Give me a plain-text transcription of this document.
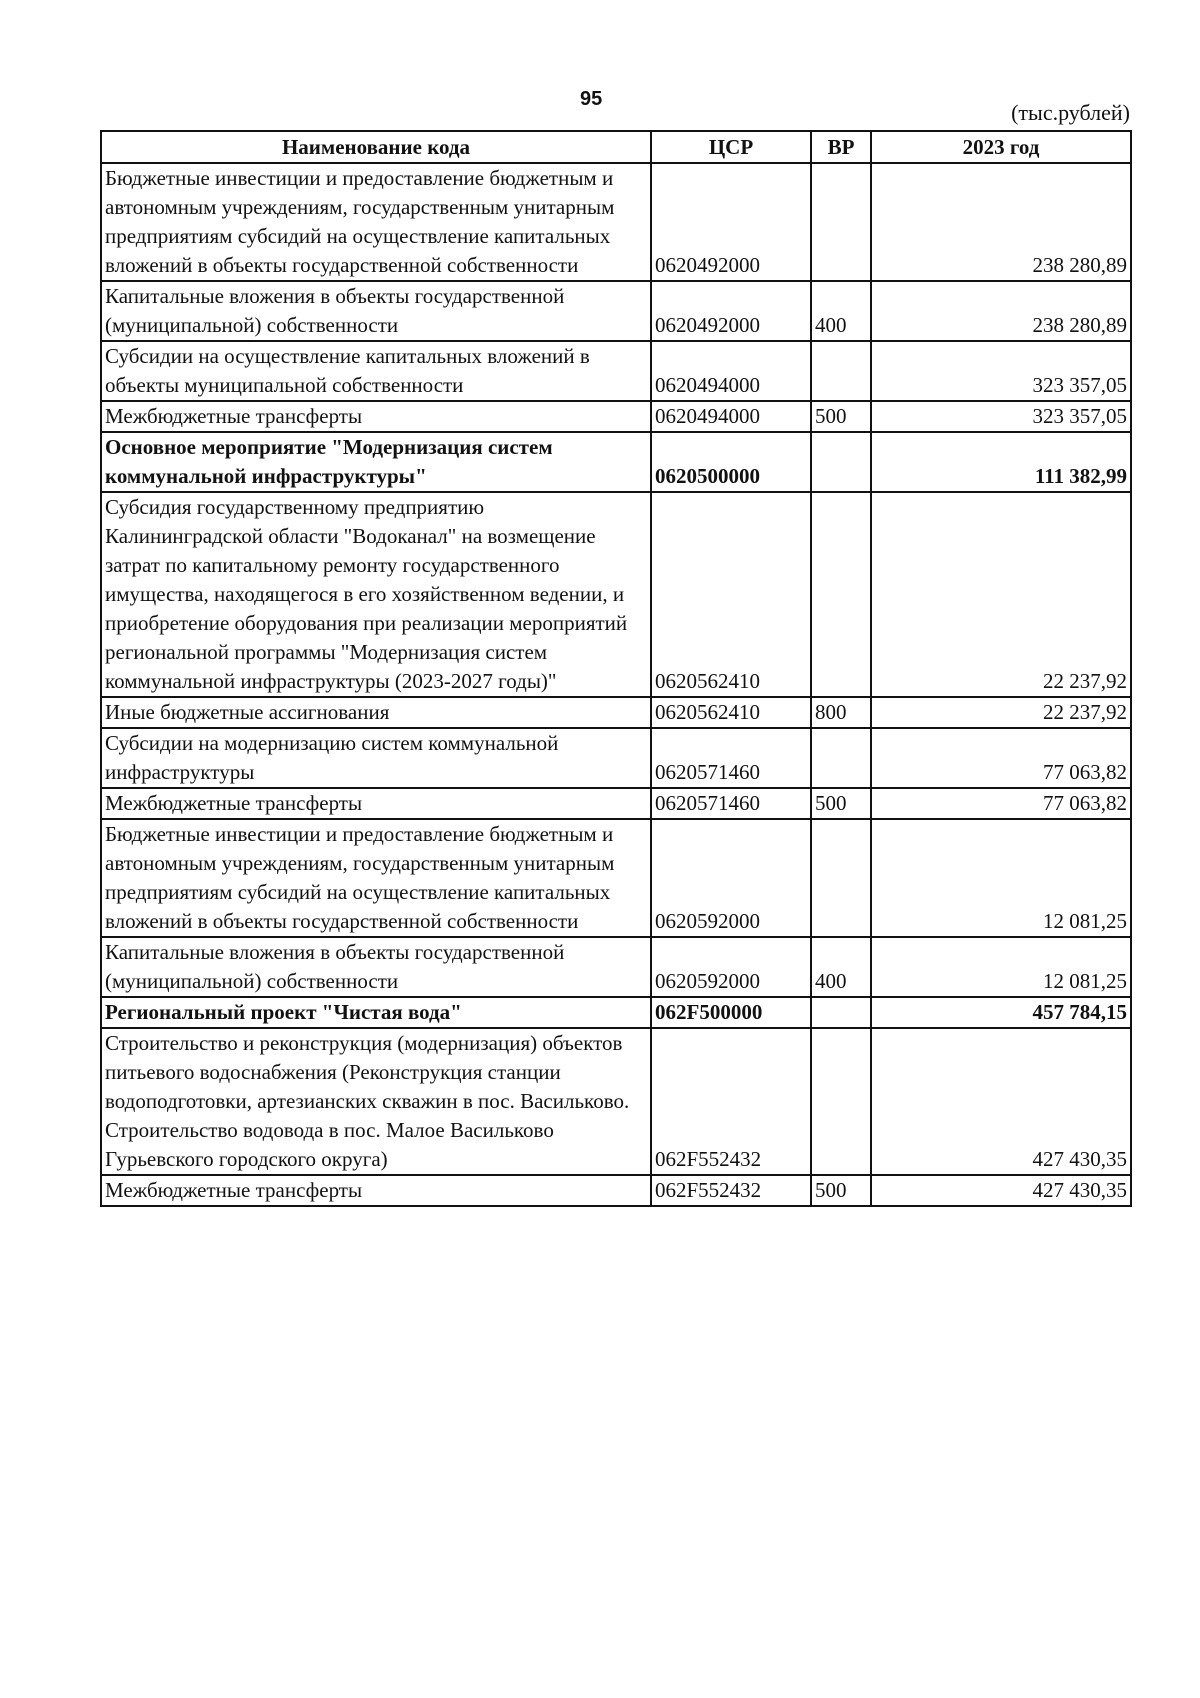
95
(тыс.рублей)
Наименование кода	ЦСР	ВР	2023 год
Бюджетные инвестиции и предоставление бюджетным и автономным учреждениям, государственным унитарным предприятиям субсидий на осуществление капитальных вложений в объекты государственной собственности	0620492000		238 280,89
Капитальные вложения в объекты государственной (муниципальной) собственности	0620492000	400	238 280,89
Субсидии на осуществление капитальных вложений в объекты муниципальной собственности	0620494000		323 357,05
Межбюджетные трансферты	0620494000	500	323 357,05
Основное мероприятие "Модернизация систем коммунальной инфраструктуры"	0620500000		111 382,99
Субсидия государственному предприятию Калининградской области "Водоканал" на возмещение затрат по капитальному ремонту государственного имущества, находящегося в его хозяйственном ведении, и приобретение оборудования при реализации мероприятий региональной программы "Модернизация систем коммунальной инфраструктуры (2023-2027 годы)"	0620562410		22 237,92
Иные бюджетные ассигнования	0620562410	800	22 237,92
Субсидии на модернизацию систем коммунальной инфраструктуры	0620571460		77 063,82
Межбюджетные трансферты	0620571460	500	77 063,82
Бюджетные инвестиции и предоставление бюджетным и автономным учреждениям, государственным унитарным предприятиям субсидий на осуществление капитальных вложений в объекты государственной собственности	0620592000		12 081,25
Капитальные вложения в объекты государственной (муниципальной) собственности	0620592000	400	12 081,25
Региональный проект "Чистая вода"	062F500000		457 784,15
Строительство и реконструкция (модернизация) объектов питьевого водоснабжения (Реконструкция станции водоподготовки, артезианских скважин в пос. Васильково. Строительство водовода в пос. Малое Васильково Гурьевского городского округа)	062F552432		427 430,35
Межбюджетные трансферты	062F552432	500	427 430,35
